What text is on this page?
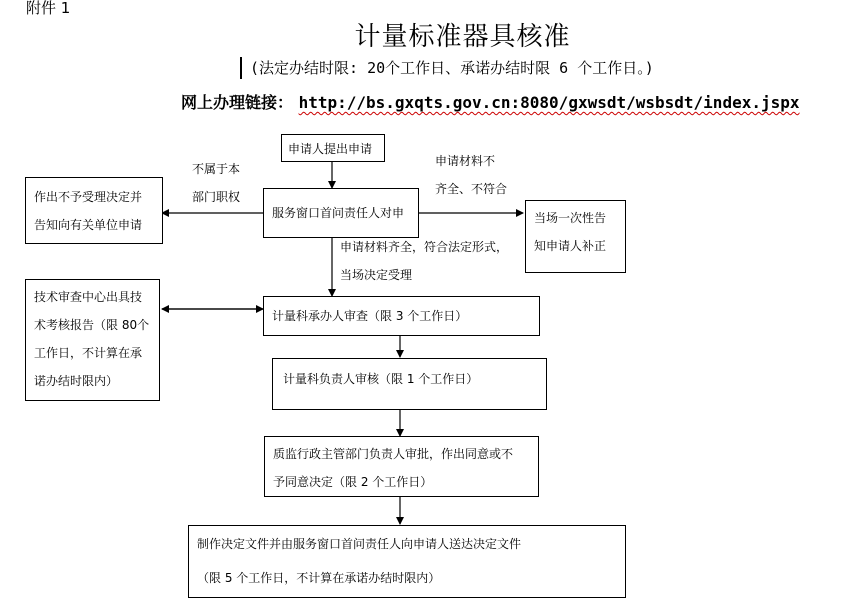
附件 1
计量标准器具核准
(法定办结时限: 20个工作日、承诺办结时限 6 个工作日。)
网上办理链接： http://bs.gxqts.gov.cn:8080/gxwsdt/wsbsdt/index.jspx

申请人提出申请

服务窗口首问责任人对申

作出不予受理决定并

告知向有关单位申请	当场一次性告

知申请人补正

技术审查中心出具技

术考核报告（限 80个

工作日，不计算在承

诺办结时限内）

计量科承办人审查（限 3 个工作日）

计量科负责人审核（限 1 个工作日）

质监行政主管部门负责人审批，作出同意或不

予同意决定（限 2 个工作日）

制作决定文件并由服务窗口首问责任人向申请人送达决定文件

（限 5 个工作日，不计算在承诺办结时限内）

不属于本
部门职权
申请材料不
齐全、不符合
申请材料齐全，符合法定形式，
当场决定受理
